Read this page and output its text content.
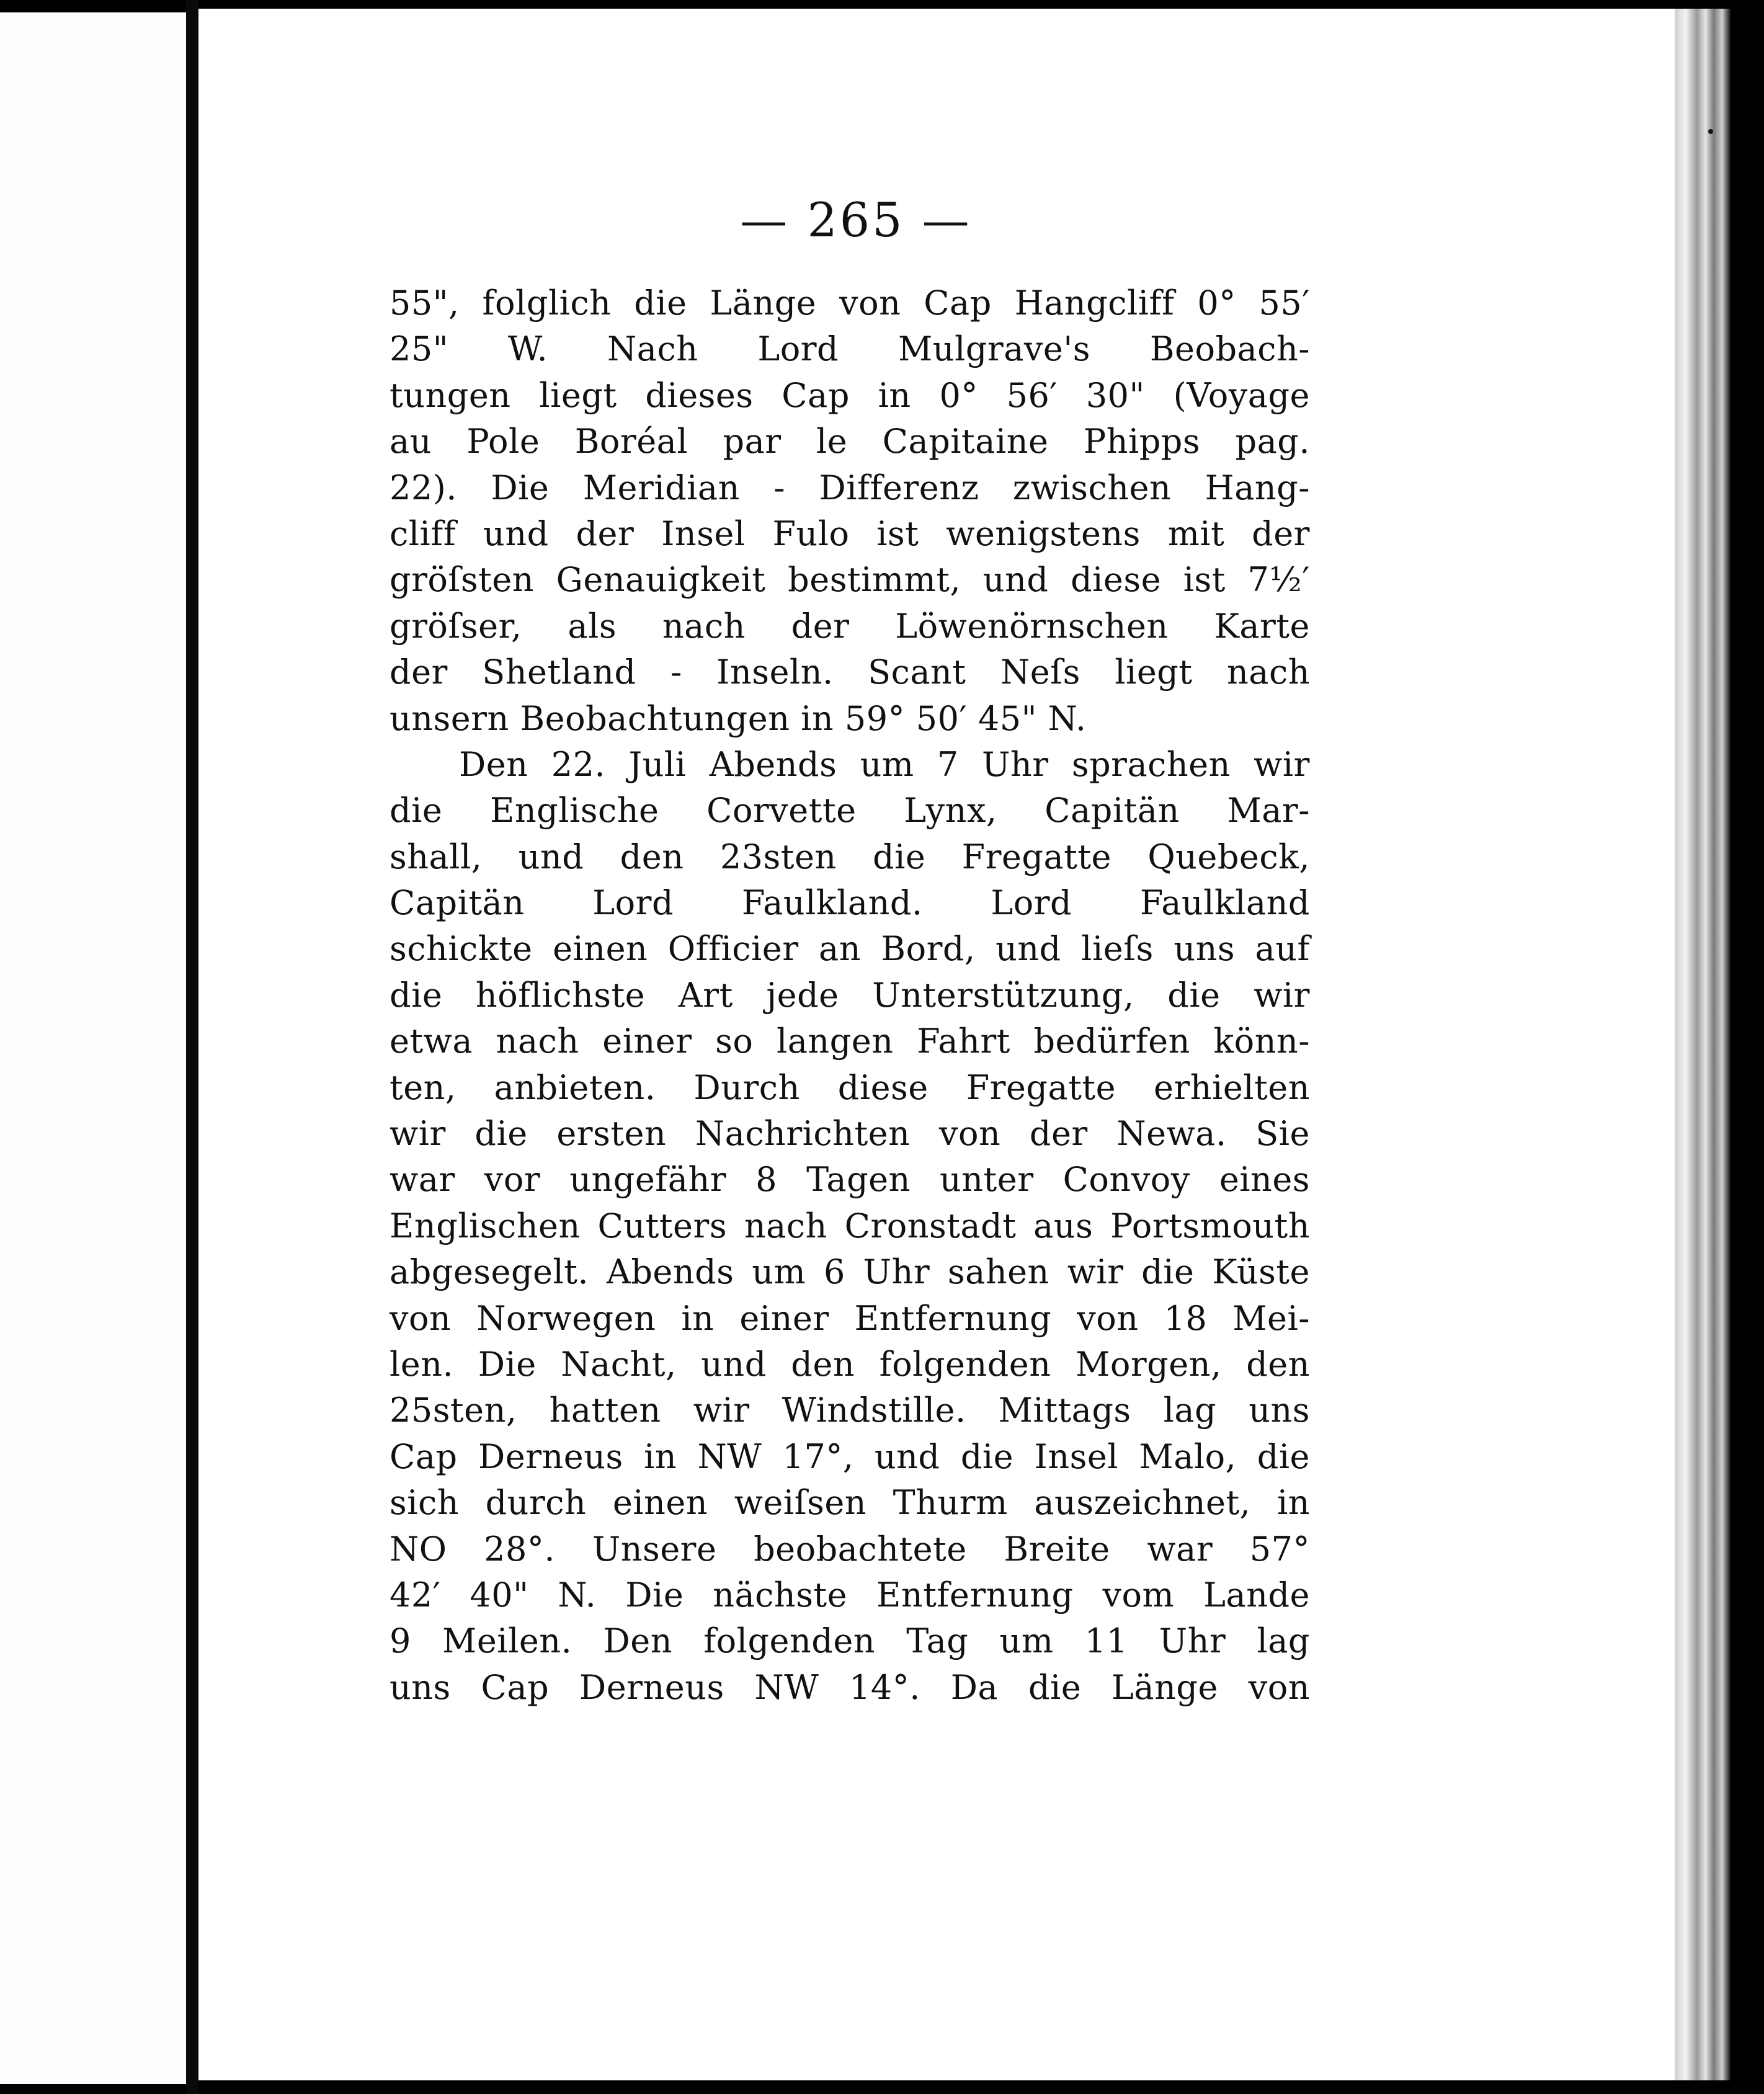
— 265 —
55", folglich die Länge von Cap Hangcliff 0° 55′
25" W. Nach Lord Mulgrave's Beobach-
tungen liegt dieses Cap in 0° 56′ 30" (Voyage
au Pole Boréal par le Capitaine Phipps pag.
22). Die Meridian - Differenz zwischen Hang-
cliff und der Insel Fulo ist wenigstens mit der
gröſsten Genauigkeit bestimmt, und diese ist 7½′
gröſser, als nach der Löwenörnschen Karte
der Shetland - Inseln. Scant Neſs liegt nach
unsern Beobachtungen in 59° 50′ 45" N.
Den 22. Juli Abends um 7 Uhr sprachen wir
die Englische Corvette Lynx, Capitän Mar-
shall, und den 23sten die Fregatte Quebeck,
Capitän Lord Faulkland. Lord Faulkland
schickte einen Officier an Bord, und lieſs uns auf
die höflichste Art jede Unterstützung, die wir
etwa nach einer so langen Fahrt bedürfen könn-
ten, anbieten. Durch diese Fregatte erhielten
wir die ersten Nachrichten von der Newa. Sie
war vor ungefähr 8 Tagen unter Convoy eines
Englischen Cutters nach Cronstadt aus Portsmouth
abgesegelt. Abends um 6 Uhr sahen wir die Küste
von Norwegen in einer Entfernung von 18 Mei-
len. Die Nacht, und den folgenden Morgen, den
25sten, hatten wir Windstille. Mittags lag uns
Cap Derneus in NW 17°, und die Insel Malo, die
sich durch einen weiſsen Thurm auszeichnet, in
NO 28°. Unsere beobachtete Breite war 57°
42′ 40" N. Die nächste Entfernung vom Lande
9 Meilen. Den folgenden Tag um 11 Uhr lag
uns Cap Derneus NW 14°. Da die Länge von
